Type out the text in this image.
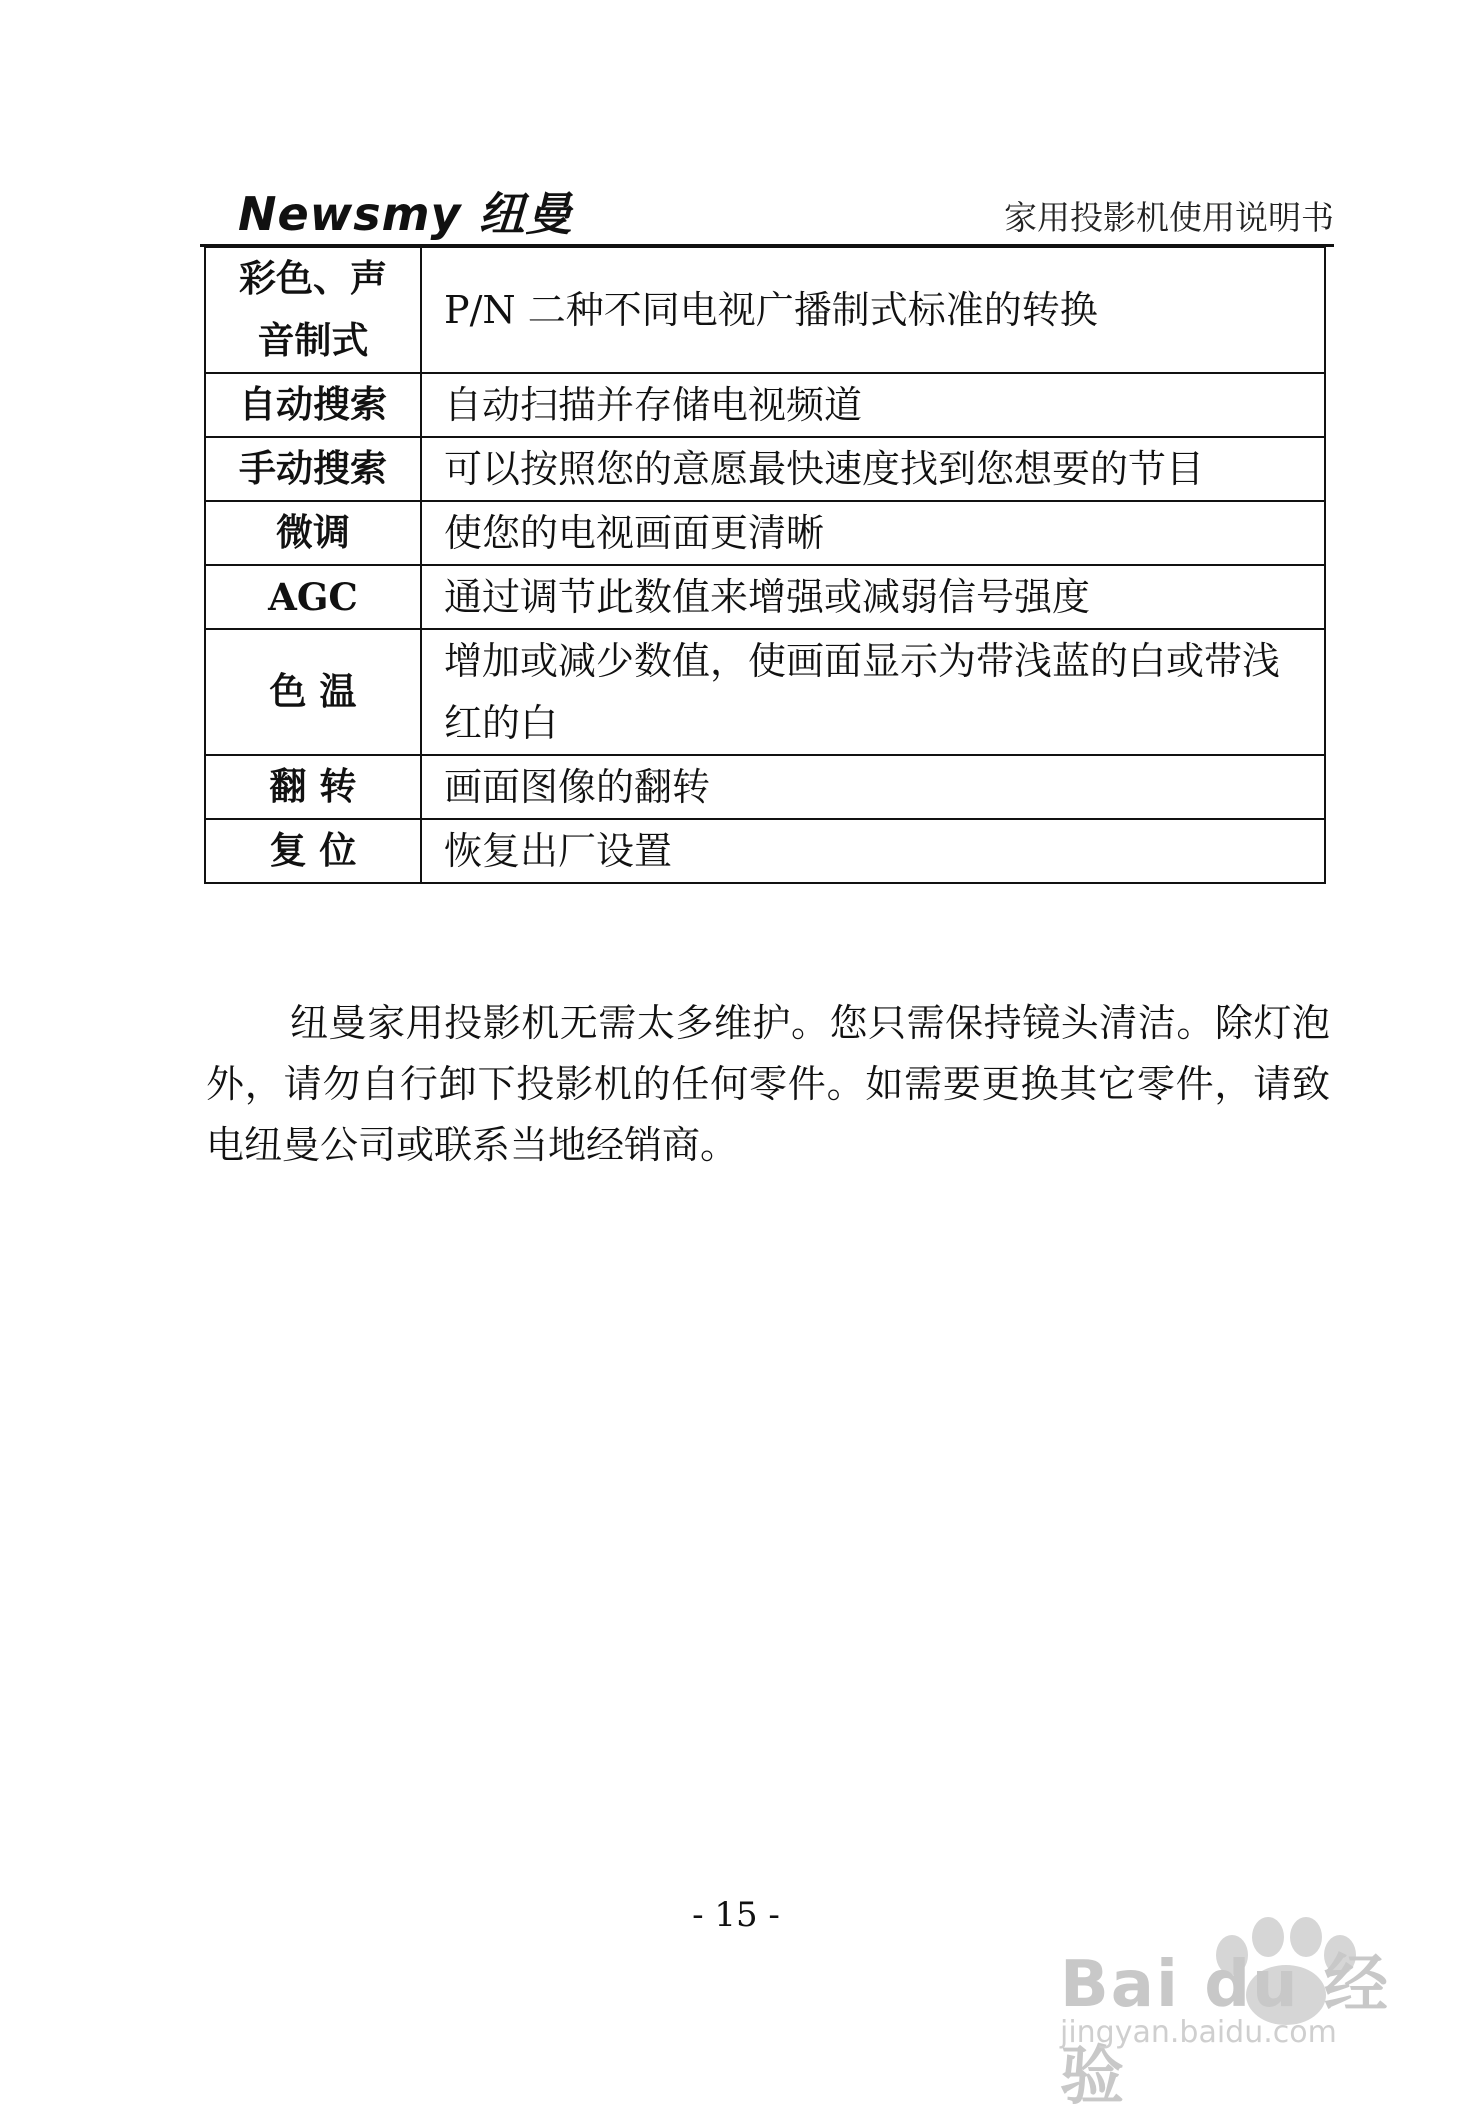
Newsmy 纽曼	家用投影机使用说明书
彩色、声
音制式	P/N 二种不同电视广播制式标准的转换
自动搜索	自动扫描并存储电视频道
手动搜索	可以按照您的意愿最快速度找到您想要的节目
微调	使您的电视画面更清晰
AGC	通过调节此数值来增强或减弱信号强度
色 温	增加或减少数值，使画面显示为带浅蓝的白或带浅红的白
翻 转	画面图像的翻转
复 位	恢复出厂设置

纽曼家用投影机无需太多维护。您只需保持镜头清洁。除灯泡外，请勿自行卸下投影机的任何零件。如需要更换其它零件，请致电纽曼公司或联系当地经销商。

- 15 -
Bai du 经验
jingyan.baidu.com
